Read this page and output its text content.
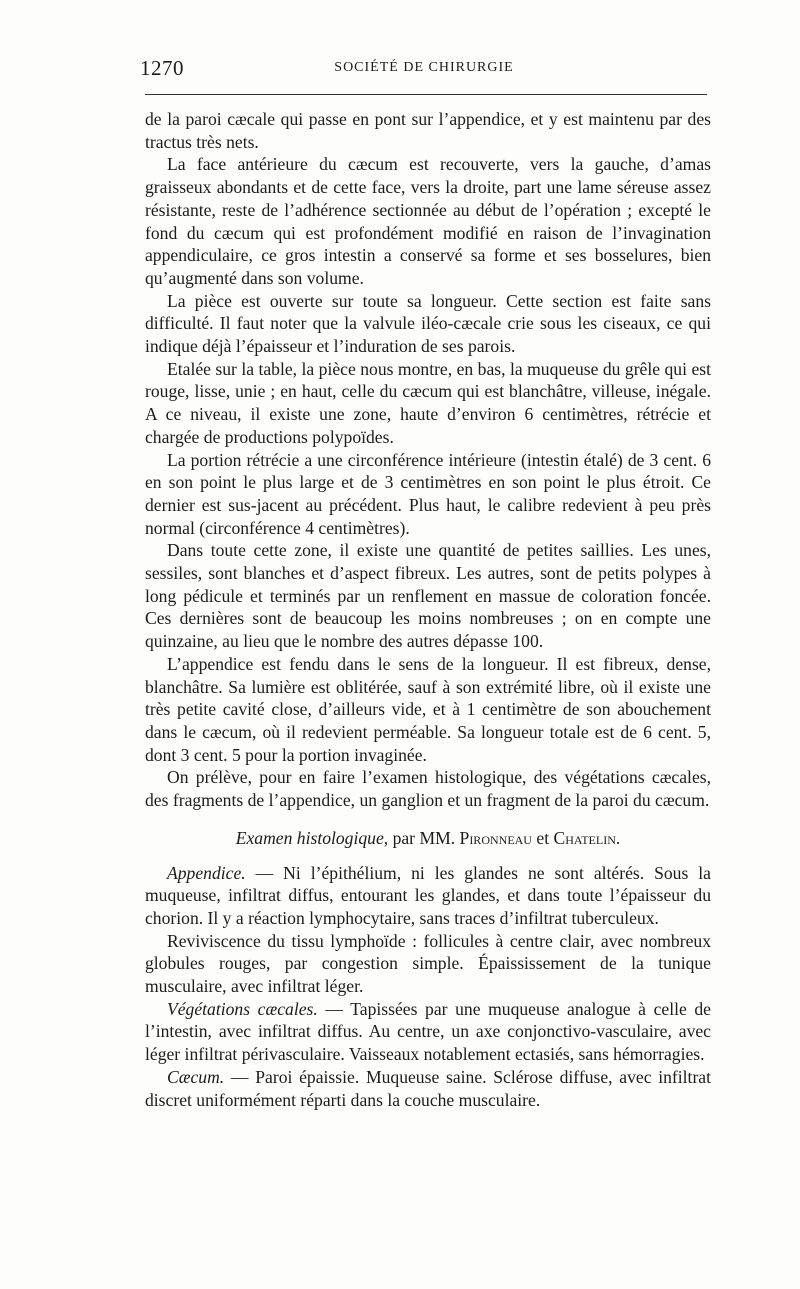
1270	SOCIÉTÉ DE CHIRURGIE

de la paroi cæcale qui passe en pont sur l’appendice, et y est maintenu par des tractus très nets.

La face antérieure du cæcum est recouverte, vers la gauche, d’amas graisseux abondants et de cette face, vers la droite, part une lame séreuse assez résistante, reste de l’adhérence sectionnée au début de l’opération ; excepté le fond du cæcum qui est profondément modifié en raison de l’invagination appendiculaire, ce gros intestin a conservé sa forme et ses bosselures, bien qu’augmenté dans son volume.

La pièce est ouverte sur toute sa longueur. Cette section est faite sans difficulté. Il faut noter que la valvule iléo-cæcale crie sous les ciseaux, ce qui indique déjà l’épaisseur et l’induration de ses parois.

Etalée sur la table, la pièce nous montre, en bas, la muqueuse du grêle qui est rouge, lisse, unie ; en haut, celle du cæcum qui est blanchâtre, villeuse, inégale. A ce niveau, il existe une zone, haute d’environ 6 centimètres, rétrécie et chargée de productions polypoïdes.

La portion rétrécie a une circonférence intérieure (intestin étalé) de 3 cent. 6 en son point le plus large et de 3 centimètres en son point le plus étroit. Ce dernier est sus-jacent au précédent. Plus haut, le calibre redevient à peu près normal (circonférence 4 centimètres).

Dans toute cette zone, il existe une quantité de petites saillies. Les unes, sessiles, sont blanches et d’aspect fibreux. Les autres, sont de petits polypes à long pédicule et terminés par un renflement en massue de coloration foncée. Ces dernières sont de beaucoup les moins nombreuses ; on en compte une quinzaine, au lieu que le nombre des autres dépasse 100.

L’appendice est fendu dans le sens de la longueur. Il est fibreux, dense, blanchâtre. Sa lumière est oblitérée, sauf à son extrémité libre, où il existe une très petite cavité close, d’ailleurs vide, et à 1 centimètre de son abouchement dans le cæcum, où il redevient perméable. Sa longueur totale est de 6 cent. 5, dont 3 cent. 5 pour la portion invaginée.

On prélève, pour en faire l’examen histologique, des végétations cæcales, des fragments de l’appendice, un ganglion et un fragment de la paroi du cæcum.

Examen histologique, par MM. Pironneau et Chatelin.

Appendice. — Ni l’épithélium, ni les glandes ne sont altérés. Sous la muqueuse, infiltrat diffus, entourant les glandes, et dans toute l’épaisseur du chorion. Il y a réaction lymphocytaire, sans traces d’infiltrat tuberculeux.

Reviviscence du tissu lymphoïde : follicules à centre clair, avec nombreux globules rouges, par congestion simple. Épaississement de la tunique musculaire, avec infiltrat léger.

Végétations cæcales. — Tapissées par une muqueuse analogue à celle de l’intestin, avec infiltrat diffus. Au centre, un axe conjonctivo-vasculaire, avec léger infiltrat périvasculaire. Vaisseaux notablement ectasiés, sans hémorragies.

Cæcum. — Paroi épaissie. Muqueuse saine. Sclérose diffuse, avec infiltrat discret uniformément réparti dans la couche musculaire.
